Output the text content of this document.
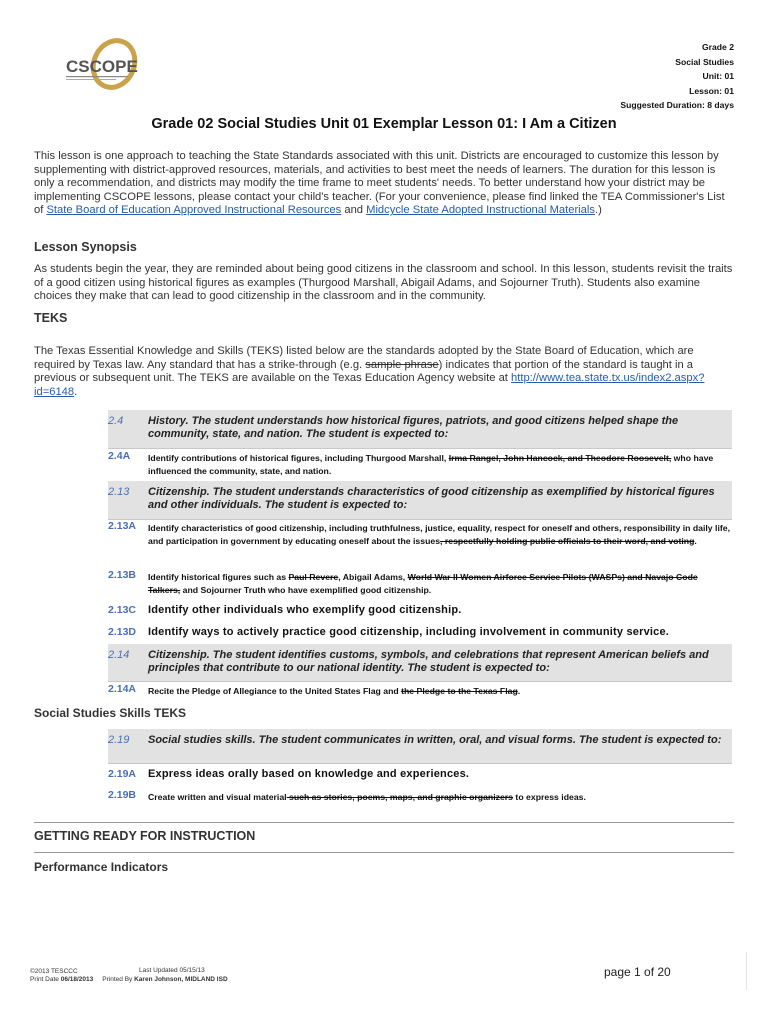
CSCOPE
Grade 2
Social Studies
Unit: 01
Lesson: 01
Suggested Duration: 8 days
Grade 02 Social Studies Unit 01 Exemplar Lesson 01: I Am a Citizen
This lesson is one approach to teaching the State Standards associated with this unit. Districts are encouraged to customize this lesson by supplementing with district-approved resources, materials, and activities to best meet the needs of learners. The duration for this lesson is only a recommendation, and districts may modify the time frame to meet students' needs. To better understand how your district may be implementing CSCOPE lessons, please contact your child's teacher. (For your convenience, please find linked the TEA Commissioner's List of State Board of Education Approved Instructional Resources and Midcycle State Adopted Instructional Materials.)
Lesson Synopsis
As students begin the year, they are reminded about being good citizens in the classroom and school. In this lesson, students revisit the traits of a good citizen using historical figures as examples (Thurgood Marshall, Abigail Adams, and Sojourner Truth). Students also examine choices they make that can lead to good citizenship in the classroom and in the community.
TEKS
The Texas Essential Knowledge and Skills (TEKS) listed below are the standards adopted by the State Board of Education, which are required by Texas law. Any standard that has a strike-through (e.g. sample phrase) indicates that portion of the standard is taught in a previous or subsequent unit. The TEKS are available on the Texas Education Agency website at http://www.tea.state.tx.us/index2.aspx?id=6148.
2.4 History. The student understands how historical figures, patriots, and good citizens helped shape the community, state, and nation. The student is expected to:
2.4A Identify contributions of historical figures, including Thurgood Marshall, Irma Rangel, John Hancock, and Theodore Roosevelt, who have influenced the community, state, and nation.
2.13 Citizenship. The student understands characteristics of good citizenship as exemplified by historical figures and other individuals. The student is expected to:
2.13A Identify characteristics of good citizenship, including truthfulness, justice, equality, respect for oneself and others, responsibility in daily life, and participation in government by educating oneself about the issues, respectfully holding public officials to their word, and voting.
2.13B Identify historical figures such as Paul Revere, Abigail Adams, World War II Women Airforce Service Pilots (WASPs) and Navajo Code Talkers, and Sojourner Truth who have exemplified good citizenship.
2.13C Identify other individuals who exemplify good citizenship.
2.13D Identify ways to actively practice good citizenship, including involvement in community service.
2.14 Citizenship. The student identifies customs, symbols, and celebrations that represent American beliefs and principles that contribute to our national identity. The student is expected to:
2.14A Recite the Pledge of Allegiance to the United States Flag and the Pledge to the Texas Flag.
Social Studies Skills TEKS
2.19 Social studies skills. The student communicates in written, oral, and visual forms. The student is expected to:
2.19A Express ideas orally based on knowledge and experiences.
2.19B Create written and visual material such as stories, poems, maps, and graphic organizers to express ideas.
GETTING READY FOR INSTRUCTION
Performance Indicators
©2013 TESCCC	Last Updated 05/15/13
Print Date 06/18/2013 Printed By Karen Johnson, MIDLAND ISD
page 1 of 20
